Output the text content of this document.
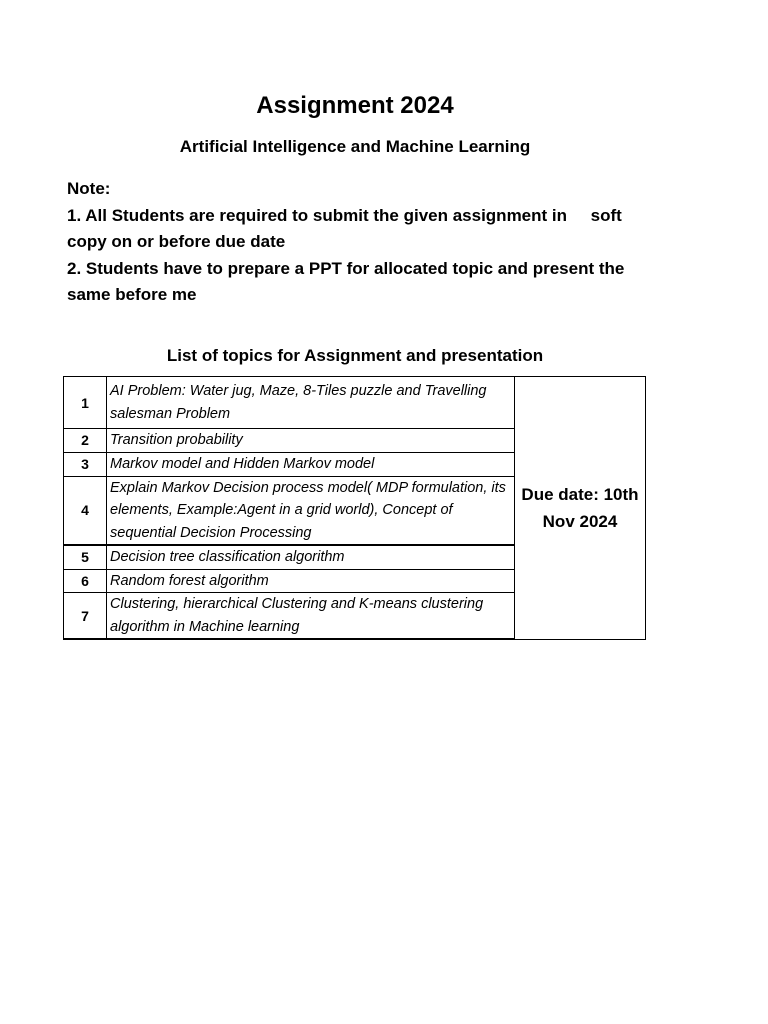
Assignment 2024
Artificial Intelligence and Machine Learning

Note:

1. All Students are required to submit the given assignment in     soft copy on or before due date

2. Students have to prepare a PPT for allocated topic and present the same before me

List of topics for Assignment and presentation
1	AI Problem: Water jug, Maze, 8-Tiles puzzle and Travelling salesman Problem	Due date: 10th Nov 2024
2	Transition probability	
3	Markov model and Hidden Markov model	
4	Explain Markov Decision process model( MDP formulation, its elements, Example:Agent in a grid world), Concept of sequential Decision Processing	
5	Decision tree classification algorithm	
6	Random forest algorithm	
7	Clustering, hierarchical Clustering and K-means clustering algorithm in Machine learning	
